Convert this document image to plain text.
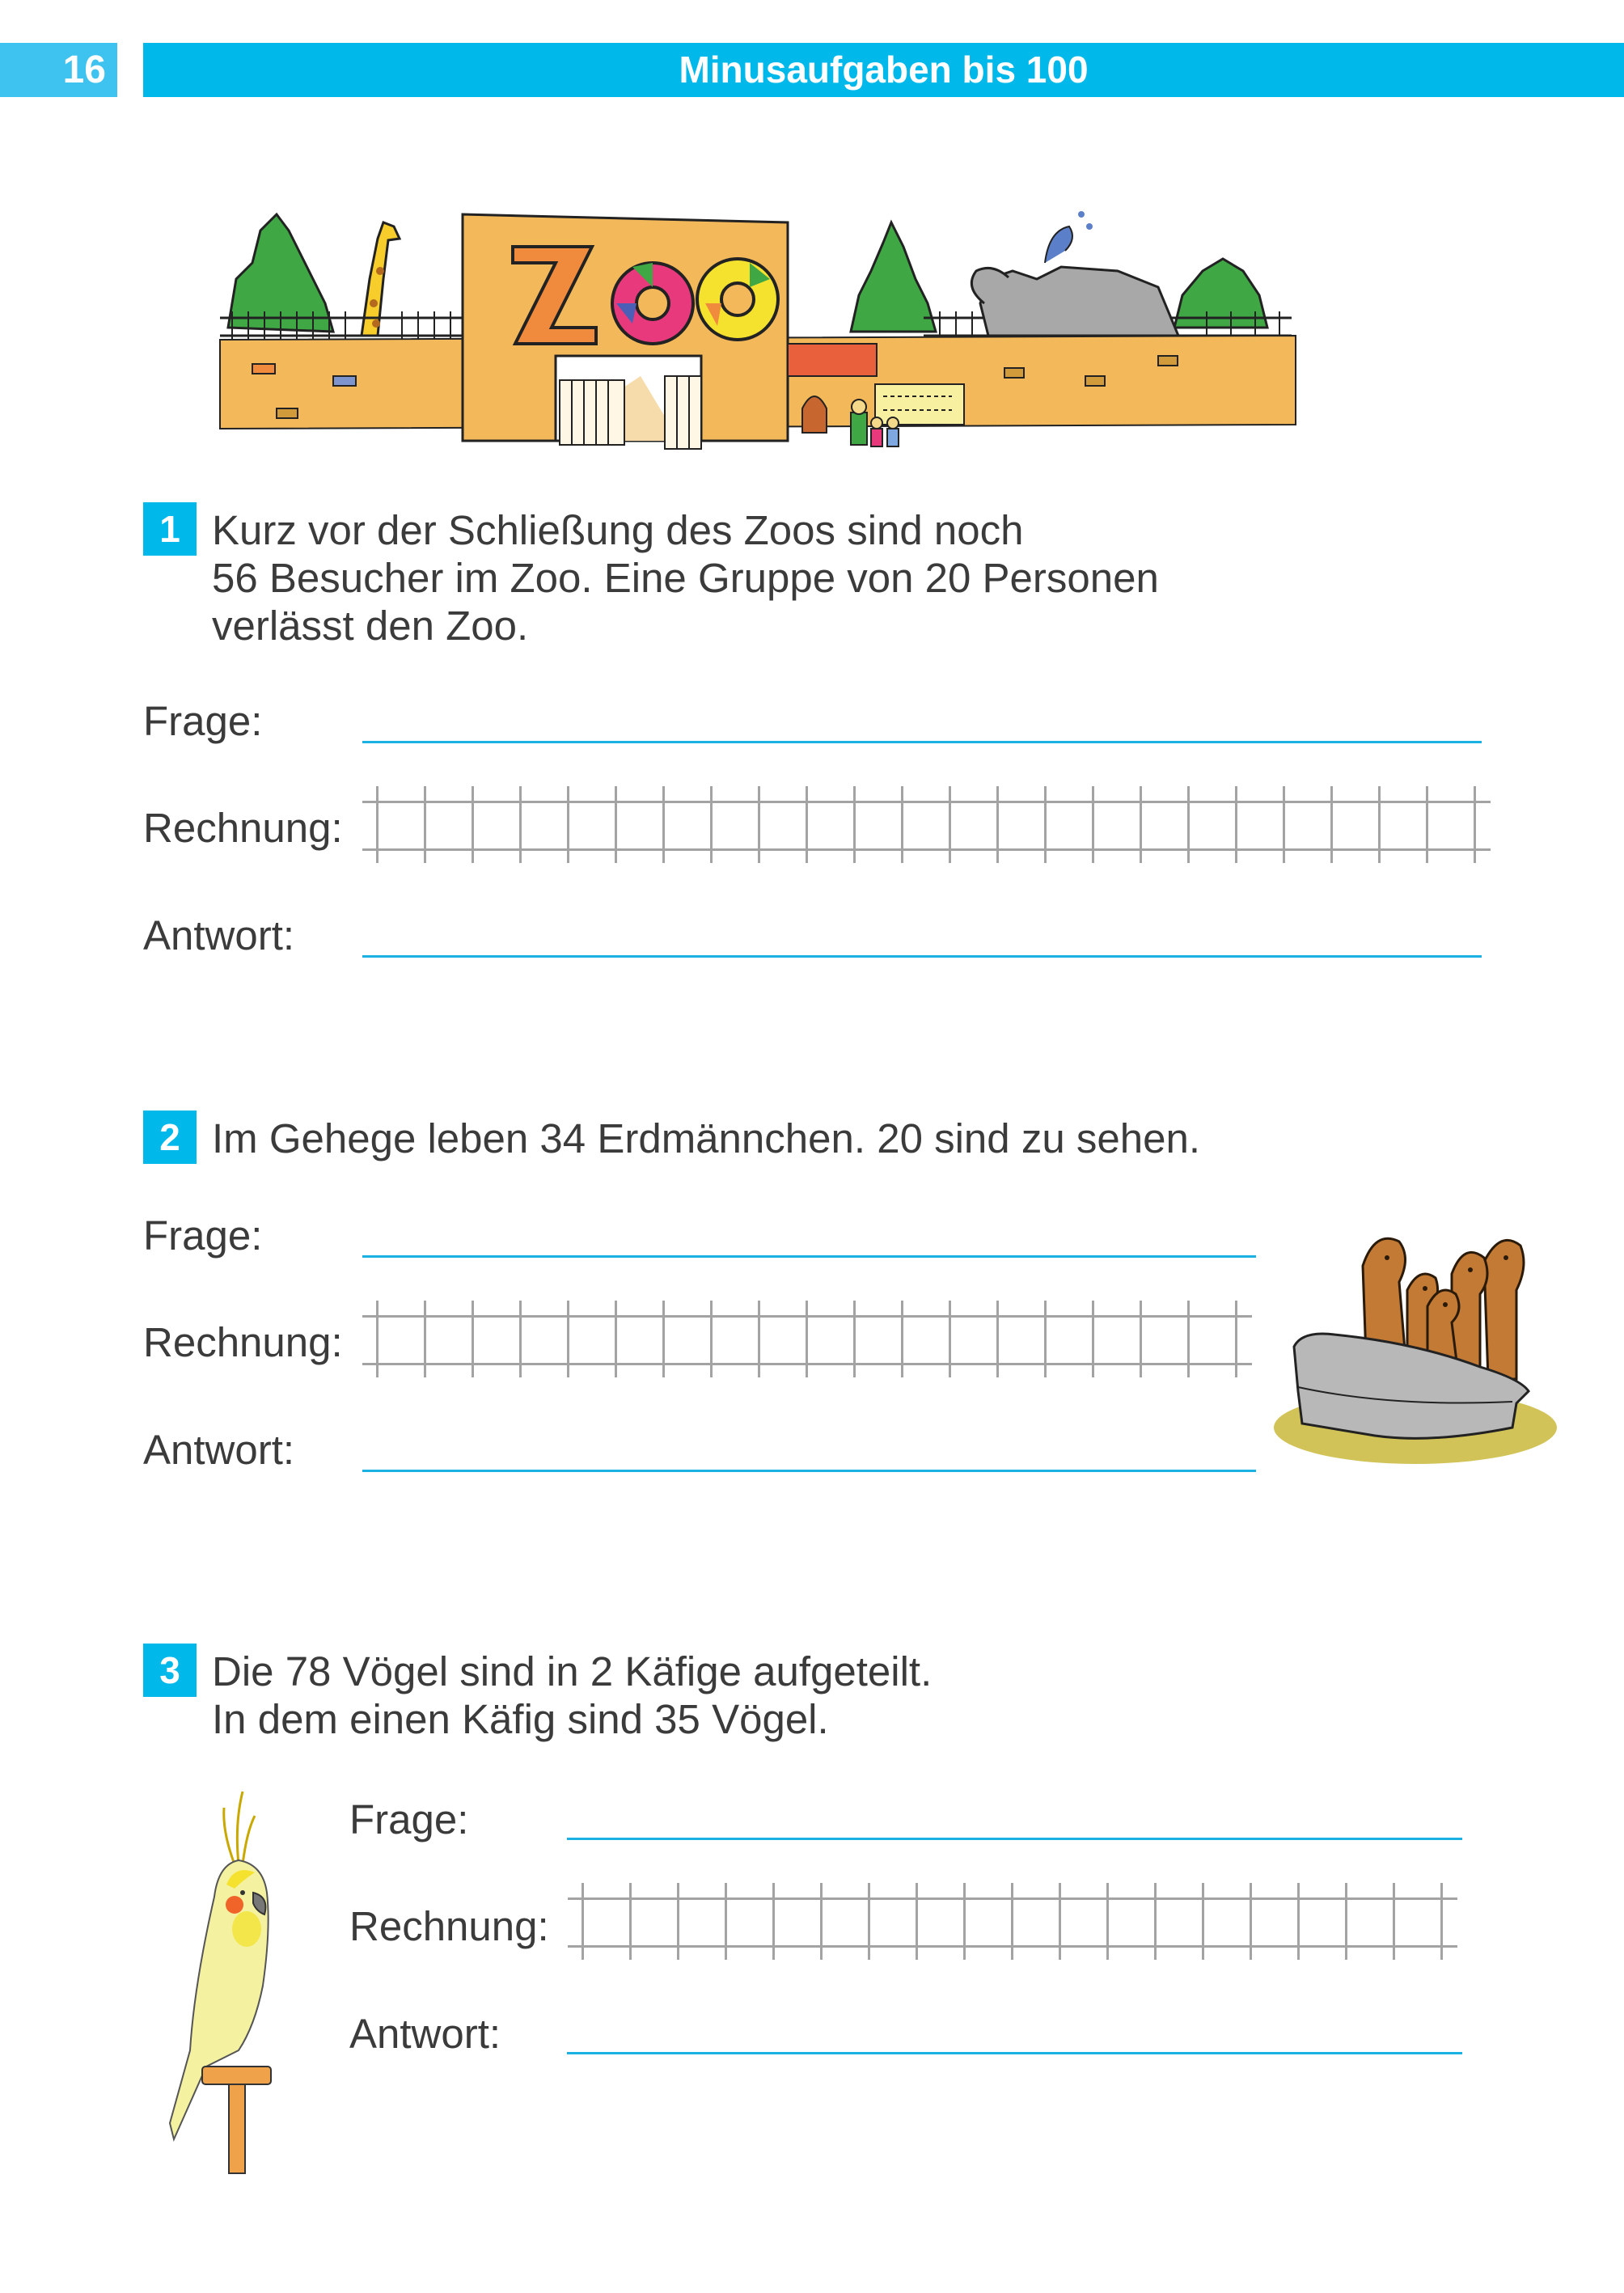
16	Minusaufgaben bis 100
1 Kurz vor der Schließung des Zoos sind noch
56 Besucher im Zoo. Eine Gruppe von 20 Personen
verlässt den Zoo.
Frage:
Rechnung:
Antwort:
2 Im Gehege leben 34 Erdmännchen. 20 sind zu sehen.
Frage:
Rechnung:
Antwort:
3 Die 78 Vögel sind in 2 Käfige aufgeteilt.
In dem einen Käfig sind 35 Vögel.
Frage:
Rechnung:
Antwort:
